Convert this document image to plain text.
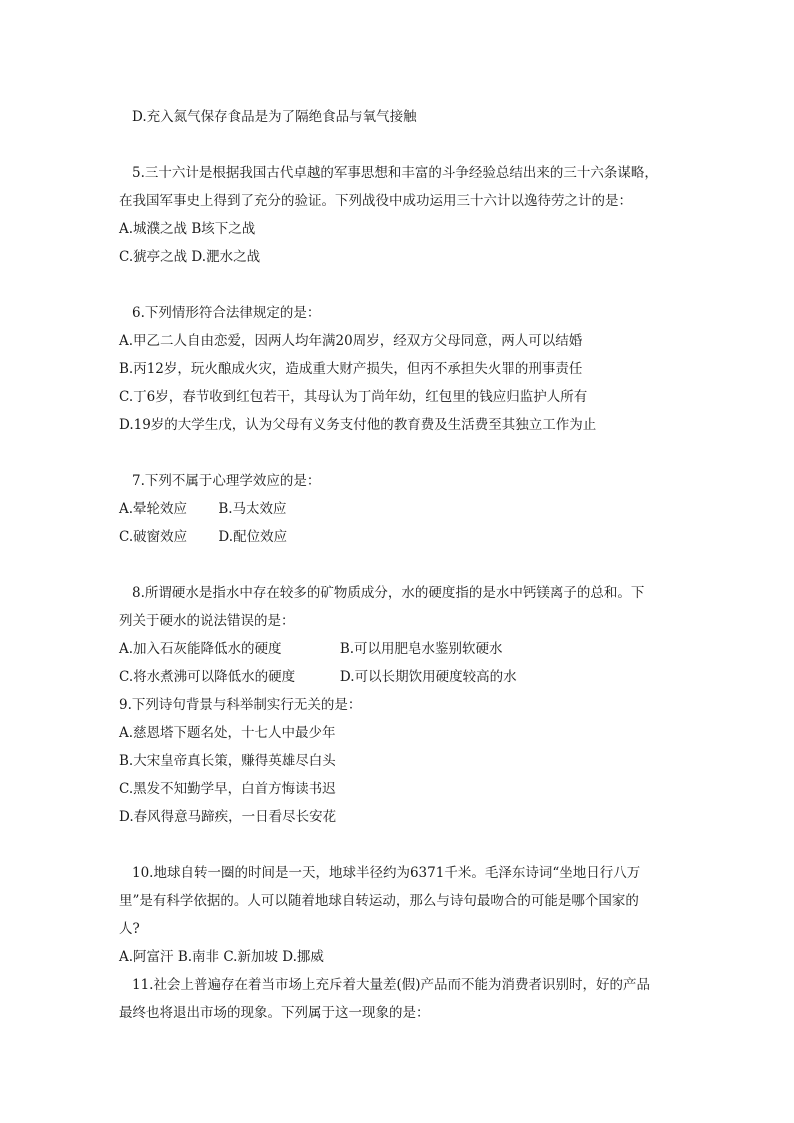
D.充入氮气保存食品是为了隔绝食品与氧气接触
5.三十六计是根据我国古代卓越的军事思想和丰富的斗争经验总结出来的三十六条谋略，
在我国军事史上得到了充分的验证。下列战役中成功运用三十六计以逸待劳之计的是：
A.城濮之战 B垓下之战
C.猇亭之战 D.淝水之战
6.下列情形符合法律规定的是：
A.甲乙二人自由恋爱，因两人均年满20周岁，经双方父母同意，两人可以结婚
B.丙12岁，玩火酿成火灾，造成重大财产损失，但丙不承担失火罪的刑事责任
C.丁6岁，春节收到红包若干，其母认为丁尚年幼，红包里的钱应归监护人所有
D.19岁的大学生戊，认为父母有义务支付他的教育费及生活费至其独立工作为止
7.下列不属于心理学效应的是：
A.晕轮效应　　 B.马太效应
C.破窗效应　　 D.配位效应
8.所谓硬水是指水中存在较多的矿物质成分，水的硬度指的是水中钙镁离子的总和。下
列关于硬水的说法错误的是：
A.加入石灰能降低水的硬度　　　　 B.可以用肥皂水鉴别软硬水
C.将水煮沸可以降低水的硬度　　　 D.可以长期饮用硬度较高的水
9.下列诗句背景与科举制实行无关的是：
A.慈恩塔下题名处，十七人中最少年
B.大宋皇帝真长策，赚得英雄尽白头
C.黑发不知勤学早，白首方悔读书迟
D.春风得意马蹄疾，一日看尽长安花
10.地球自转一圈的时间是一天，地球半径约为6371千米。毛泽东诗词“坐地日行八万
里”是有科学依据的。人可以随着地球自转运动，那么与诗句最吻合的可能是哪个国家的
人?
A.阿富汗 B.南非 C.新加坡 D.挪威
11.社会上普遍存在着当市场上充斥着大量差(假)产品而不能为消费者识别时，好的产品
最终也将退出市场的现象。下列属于这一现象的是：
